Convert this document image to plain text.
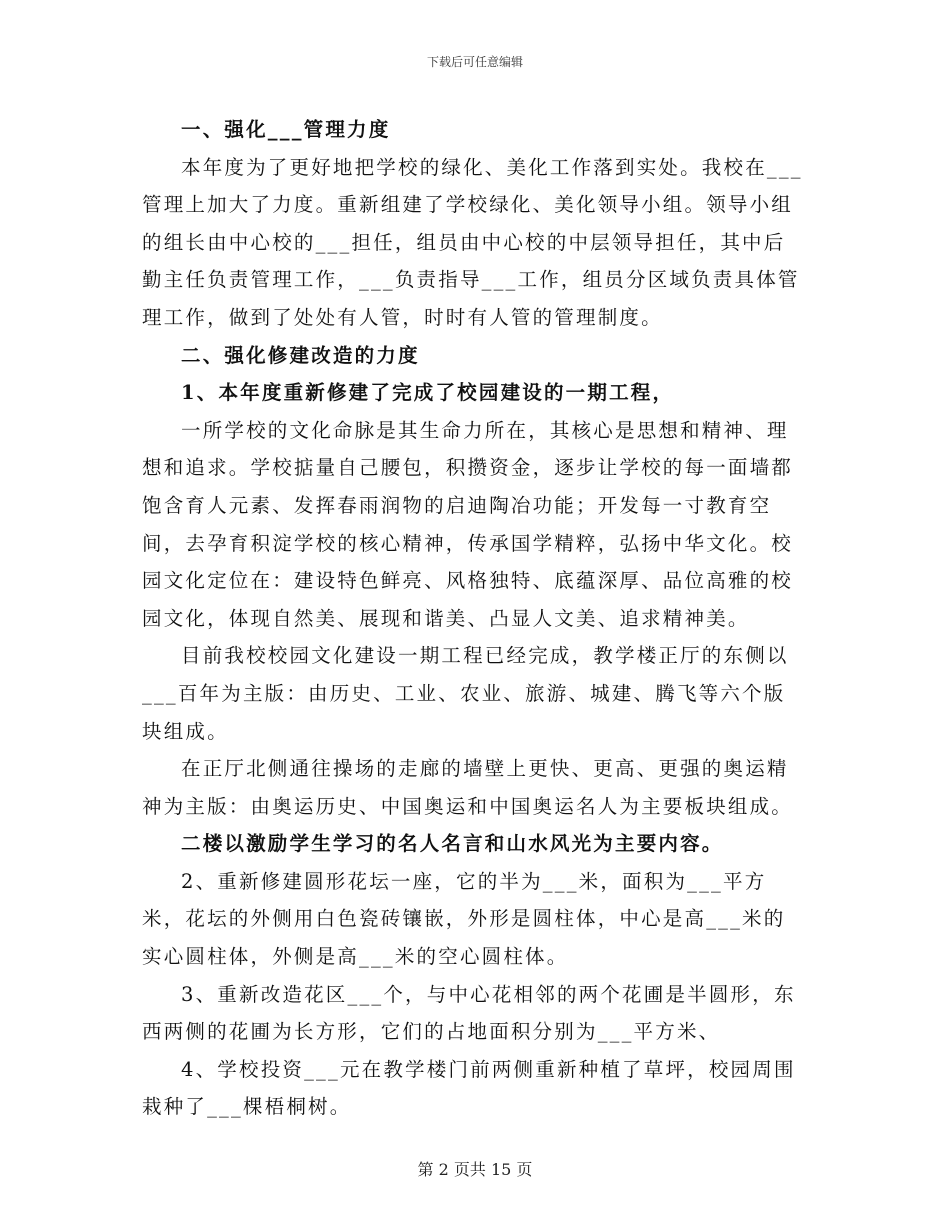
下载后可任意编辑

一、强化___管理力度

本年度为了更好地把学校的绿化、美化工作落到实处。我校在___管理上加大了力度。重新组建了学校绿化、美化领导小组。领导小组的组长由中心校的___担任，组员由中心校的中层领导担任，其中后勤主任负责管理工作，___负责指导___工作，组员分区域负责具体管理工作，做到了处处有人管，时时有人管的管理制度。

二、强化修建改造的力度

1、本年度重新修建了完成了校园建设的一期工程，

一所学校的文化命脉是其生命力所在，其核心是思想和精神、理想和追求。学校掂量自己腰包，积攒资金，逐步让学校的每一面墙都饱含育人元素、发挥春雨润物的启迪陶冶功能；开发每一寸教育空间，去孕育积淀学校的核心精神，传承国学精粹，弘扬中华文化。校园文化定位在：建设特色鲜亮、风格独特、底蕴深厚、品位高雅的校园文化，体现自然美、展现和谐美、凸显人文美、追求精神美。

目前我校校园文化建设一期工程已经完成，教学楼正厅的东侧以___百年为主版：由历史、工业、农业、旅游、城建、腾飞等六个版块组成。

在正厅北侧通往操场的走廊的墙壁上更快、更高、更强的奥运精神为主版：由奥运历史、中国奥运和中国奥运名人为主要板块组成。

二楼以激励学生学习的名人名言和山水风光为主要内容。

2、重新修建圆形花坛一座，它的半为___米，面积为___平方米，花坛的外侧用白色瓷砖镶嵌，外形是圆柱体，中心是高___米的实心圆柱体，外侧是高___米的空心圆柱体。

3、重新改造花区___个，与中心花相邻的两个花圃是半圆形，东西两侧的花圃为长方形，它们的占地面积分别为___平方米、

4、学校投资___元在教学楼门前两侧重新种植了草坪，校园周围栽种了___棵梧桐树。

第 2 页共 15 页
